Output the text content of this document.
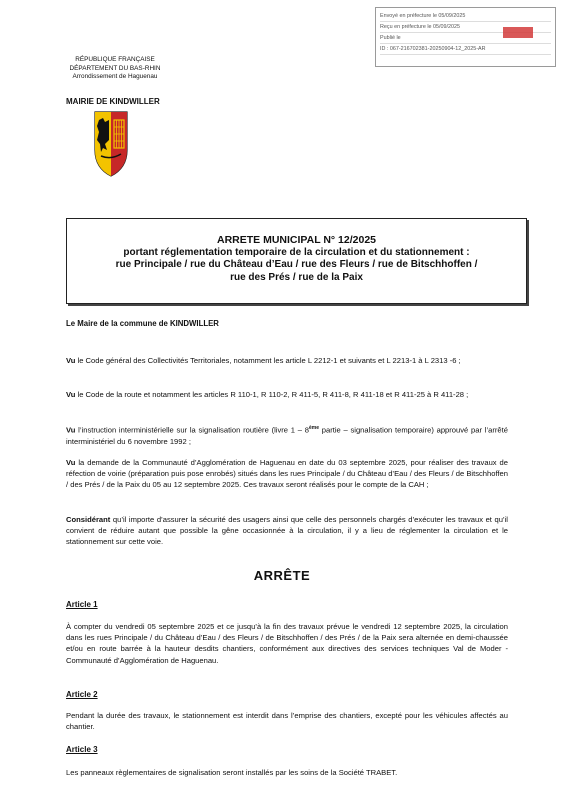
Envoyé en préfecture le 05/09/2025
Reçu en préfecture le 05/09/2025
Publié le
ID : 067-216702381-20250904-12_2025-AR
RÉPUBLIQUE FRANÇAISE
DÉPARTEMENT DU BAS-RHIN
Arrondissement de Haguenau
MAIRIE DE KINDWILLER
ARRETE MUNICIPAL N° 12/2025
portant réglementation temporaire de la circulation et du stationnement :
rue Principale / rue du Château d’Eau / rue des Fleurs / rue de Bitschhoffen /
rue des Prés / rue de la Paix
Le Maire de la commune de KINDWILLER
Vu le Code général des Collectivités Territoriales, notamment les article L 2212-1 et suivants et L 2213-1 à L 2313 -6 ;
Vu le Code de la route et notamment les articles R 110-1, R 110-2, R 411-5, R 411-8, R 411-18 et R 411-25 à R 411-28 ;
Vu l’instruction interministérielle sur la signalisation routière (livre 1 – 8ème partie – signalisation temporaire) approuvé par l’arrêté interministériel du 6 novembre 1992 ;
Vu la demande de la Communauté d’Agglomération de Haguenau en date du 03 septembre 2025, pour réaliser des travaux de réfection de voirie (préparation puis pose enrobés) situés dans les rues Principale / du Château d’Eau / des Fleurs / de Bitschhoffen / des Prés / de la Paix du 05 au 12 septembre 2025. Ces travaux seront réalisés pour le compte de la CAH ;
Considérant qu’il importe d’assurer la sécurité des usagers ainsi que celle des personnels chargés d’exécuter les travaux et qu’il convient de réduire autant que possible la gêne occasionnée à la circulation, il y a lieu de réglementer la circulation et le stationnement sur cette voie.
ARRÊTE
Article 1
À compter du vendredi 05 septembre 2025 et ce jusqu’à la fin des travaux prévue le vendredi 12 septembre 2025, la circulation dans les rues Principale / du Château d’Eau / des Fleurs / de Bitschhoffen / des Prés / de la Paix sera alternée en demi-chaussée et/ou en route barrée à la hauteur desdits chantiers, conformément aux directives des services techniques Val de Moder - Communauté d’Agglomération de Haguenau.
Article 2
Pendant la durée des travaux, le stationnement est interdit dans l’emprise des chantiers, excepté pour les véhicules affectés au chantier.
Article 3
Les panneaux règlementaires de signalisation seront installés par les soins de la Société TRABET.
